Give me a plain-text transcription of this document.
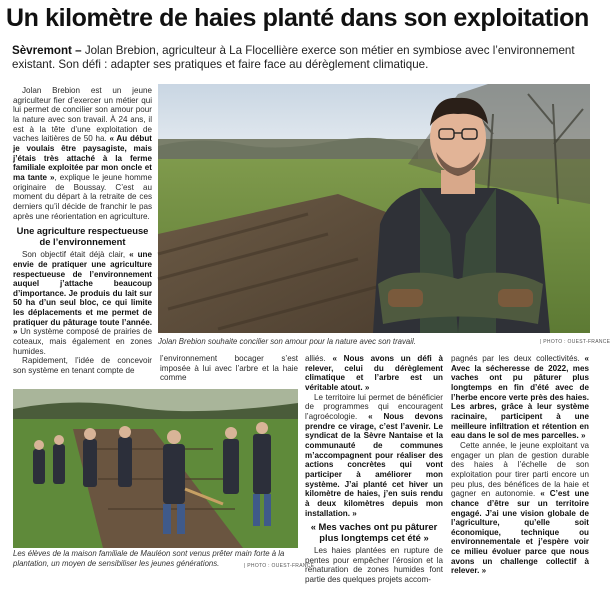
Un kilomètre de haies planté dans son exploitation
Sèvremont – Jolan Brebion, agriculteur à La Flocellière exerce son métier en symbiose avec l’environnement existant. Son défi : adapter ses pratiques et faire face au dérèglement climatique.

Jolan Brebion est un jeune agriculteur fier d’exercer un métier qui lui permet de concilier son amour pour la nature avec son travail. À 24 ans, il est à la tête d’une exploitation de vaches laitières de 50 ha. « Au début je voulais être paysagiste, mais j’étais très attaché à la ferme familiale exploitée par mon oncle et ma tante », explique le jeune homme originaire de Boussay. C’est au moment du départ à la retraite de ces derniers qu’il décide de franchir le pas après une réorientation en agriculture.

Une agriculture respectueuse de l’environnement

Son objectif était déjà clair, « une envie de pratiquer une agriculture respectueuse de l’environnement auquel j’attache beaucoup d’importance. Je produis du lait sur 50 ha d’un seul bloc, ce qui limite les déplacements et me permet de pratiquer du pâturage toute l’année. » Un système composé de prairies de coteaux, mais également en zones humides.

Rapidement, l’idée de concevoir son système en tenant compte de

Jolan Brebion souhaite concilier son amour pour la nature avec son travail.	| PHOTO : OUEST-FRANCE

l’environnement bocager s’est imposée à lui avec l’arbre et la haie comme

Les élèves de la maison familiale de Mauléon sont venus prêter main forte à la plantation, un moyen de sensibiliser les jeunes générations.	| PHOTO : OUEST-FRANCE

alliés. « Nous avons un défi à relever, celui du dérèglement climatique et l’arbre est un véritable atout. »

Le territoire lui permet de bénéficier de programmes qui encouragent l’agroécologie. « Nous devons prendre ce virage, c’est l’avenir. Le syndicat de la Sèvre Nantaise et la communauté de communes m’accompagnent pour réaliser des actions concrètes qui vont participer à améliorer mon système. J’ai planté cet hiver un kilomètre de haies, j’en suis rendu à deux kilomètres depuis mon installation. »

« Mes vaches ont pu pâturer plus longtemps cet été »

Les haies plantées en rupture de pentes pour empêcher l’érosion et la renaturation de zones humides font partie des quelques projets accom-

pagnés par les deux collectivités. « Avec la sécheresse de 2022, mes vaches ont pu pâturer plus longtemps en fin d’été avec de l’herbe encore verte près des haies. Les arbres, grâce à leur système racinaire, participent à une meilleure infiltration et rétention en eau dans le sol de mes parcelles. »

Cette année, le jeune exploitant va engager un plan de gestion durable des haies à l’échelle de son exploitation pour tirer parti encore un peu plus, des bénéfices de la haie et gagner en autonomie. « C’est une chance d’être sur un territoire engagé. J’ai une vision globale de l’agriculture, qu’elle soit économique, technique ou environnementale et j’espère voir ce milieu évoluer parce que nous avons un challenge collectif à relever. »
